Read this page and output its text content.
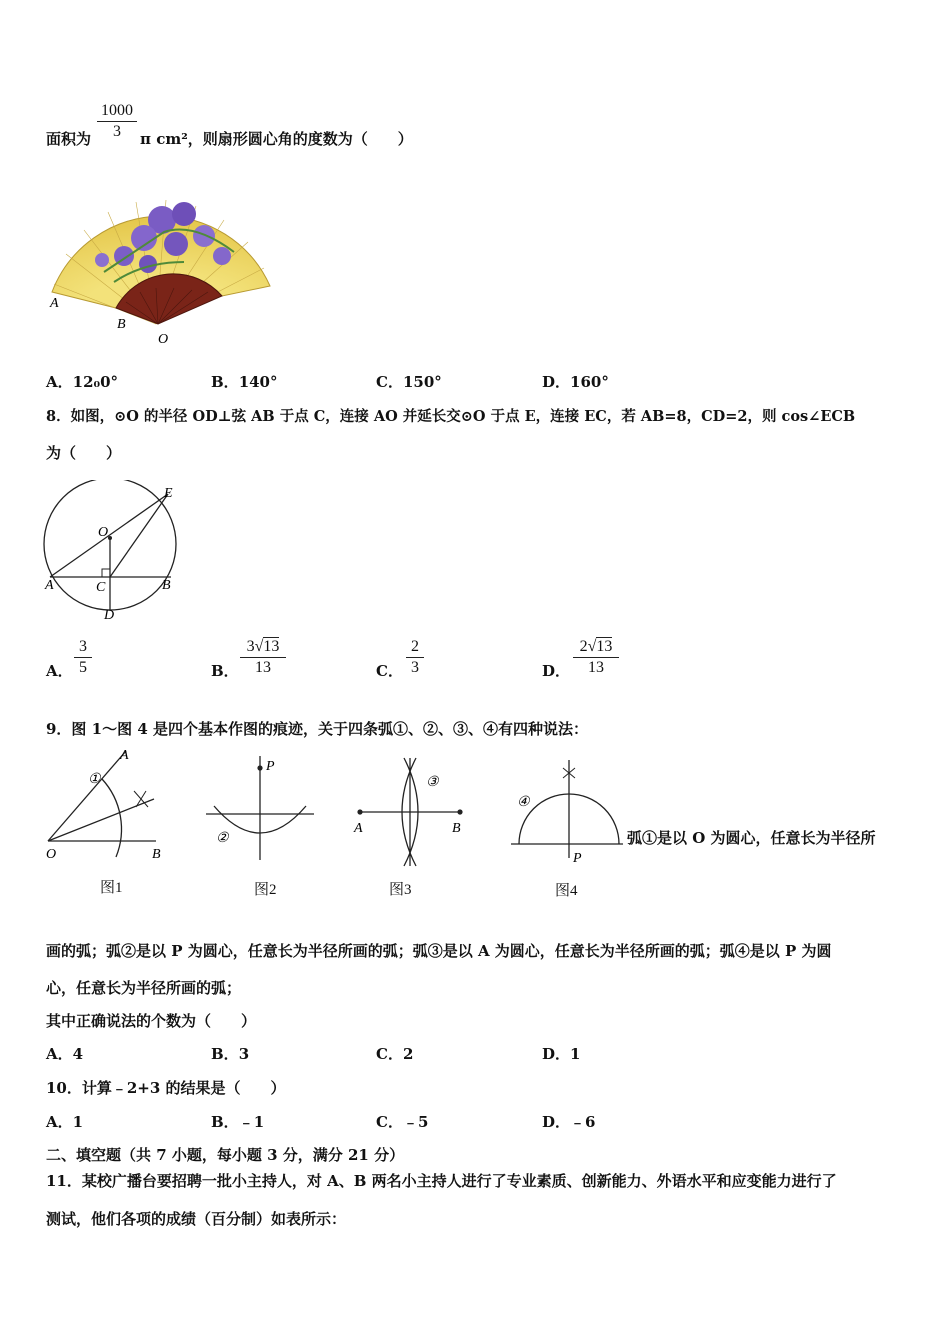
$\frac{1000}{3}$
面积为	π cm²，则扇形圆心角的度数为（　　）
A
B
O
A．12₀0°	B．140°	C．150°	D．160°
8．如图，⊙O 的半径 OD⊥弦 AB 于点 C，连接 AO 并延长交⊙O 于点 E，连接 EC，若 AB=8，CD=2，则 cos∠ECB
为（　　）
E
O
A	C	B
D
A． $\frac{3}{5}$	B． $\frac{3√13}{13}$	C． $\frac{2}{3}$	D． $\frac{2√13}{13}$
9．图 1～图 4 是四个基本作图的痕迹，关于四条弧①、②、③、④有四种说法：
A
①
O	B
图1
P
②
图2
③
A	B
图3
④
P
图4
弧①是以 O 为圆心，任意长为半径所
画的弧；弧②是以 P 为圆心，任意长为半径所画的弧；弧③是以 A 为圆心，任意长为半径所画的弧；弧④是以 P 为圆
心，任意长为半径所画的弧；
其中正确说法的个数为（　　）
A．4	B．3	C．2	D．1
10．计算﹣2+3 的结果是（　　）
A．1	B．﹣1	C．﹣5	D．﹣6
二、填空题（共 7 小题，每小题 3 分，满分 21 分）
11．某校广播台要招聘一批小主持人，对 A、B 两名小主持人进行了专业素质、创新能力、外语水平和应变能力进行了
测试，他们各项的成绩（百分制）如表所示：
